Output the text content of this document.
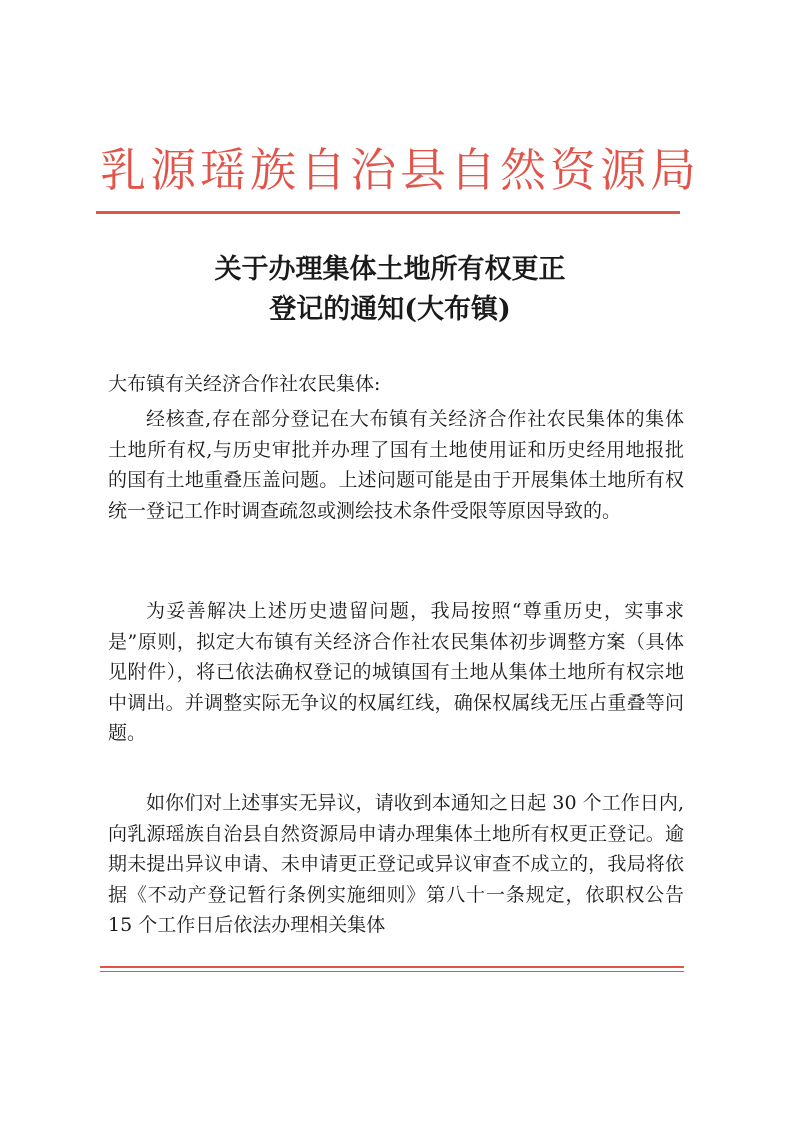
乳源瑶族自治县自然资源局
关于办理集体土地所有权更正
登记的通知(大布镇)
大布镇有关经济合作社农民集体:

经核查,存在部分登记在大布镇有关经济合作社农民集体的集体土地所有权,与历史审批并办理了国有土地使用证和历史经用地报批的国有土地重叠压盖问题。上述问题可能是由于开展集体土地所有权统一登记工作时调查疏忽或测绘技术条件受限等原因导致的。

为妥善解决上述历史遗留问题，我局按照“尊重历史，实事求是”原则，拟定大布镇有关经济合作社农民集体初步调整方案（具体见附件），将已依法确权登记的城镇国有土地从集体土地所有权宗地中调出。并调整实际无争议的权属红线，确保权属线无压占重叠等问题。

如你们对上述事实无异议，请收到本通知之日起 30 个工作日内,向乳源瑶族自治县自然资源局申请办理集体土地所有权更正登记。逾期未提出异议申请、未申请更正登记或异议审查不成立的，我局将依据《不动产登记暂行条例实施细则》第八十一条规定，依职权公告 15 个工作日后依法办理相关集体
